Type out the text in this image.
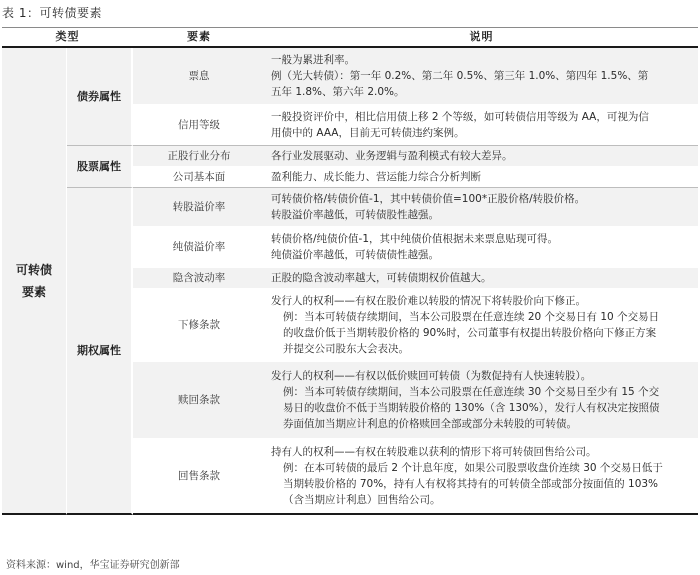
表 1：可转债要素
类型		要素	说明
可转债要素	债券属性	票息	一般为累进利率。
例（光大转债）：第一年 0.2%、第二年 0.5%、第三年 1.0%、第四年 1.5%、第
五年 1.8%、第六年 2.0%。

		信用等级	一般投资评价中，相比信用债上移 2 个等级，如可转债信用等级为 AA，可视为信
用债中的 AAA，目前无可转债违约案例。

	股票属性	正股行业分布	各行业发展驱动、业务逻辑与盈利模式有较大差异。

		公司基本面	盈利能力、成长能力、营运能力综合分析判断

	期权属性	转股溢价率	可转债价格/转债价值-1，其中转债价值=100*正股价格/转股价格。
转股溢价率越低，可转债股性越强。

		纯债溢价率	转债价格/纯债价值-1，其中纯债价值根据未来票息贴现可得。
纯债溢价率越低，可转债债性越强。

		隐含波动率	正股的隐含波动率越大，可转债期权价值越大。

		下修条款	发行人的权利——有权在股价难以转股的情况下将转股价向下修正。
例：当本可转债存续期间，当本公司股票在任意连续 20 个交易日有 10 个交易日
的收盘价低于当期转股价格的 90%时，公司董事有权提出转股价格向下修正方案
并提交公司股东大会表决。

		赎回条款	发行人的权利——有权以低价赎回可转债（为数促持有人快速转股）。
例：当本可转债存续期间，当本公司股票在任意连续 30 个交易日至少有 15 个交
易日的收盘价不低于当期转股价格的 130%（含 130%），发行人有权决定按照债
券面值加当期应计利息的价格赎回全部或部分未转股的可转债。

		回售条款	持有人的权利——有权在转股难以获利的情形下将可转债回售给公司。
例：在本可转债的最后 2 个计息年度，如果公司股票收盘价连续 30 个交易日低于
当期转股价格的 70%，持有人有权将其持有的可转债全部或部分按面值的 103%
（含当期应计利息）回售给公司。
资料来源：wind，华宝证券研究创新部
